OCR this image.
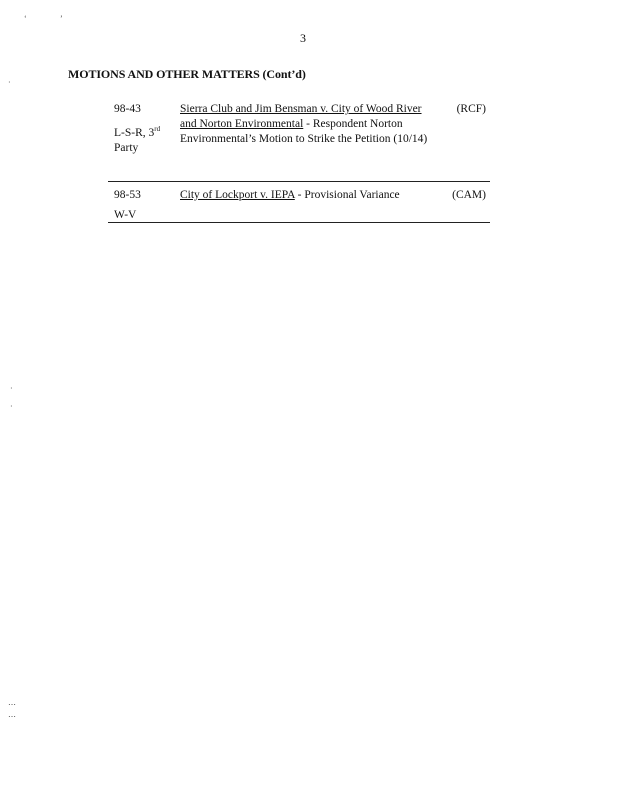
3
MOTIONS AND OTHER MATTERS (Cont’d)
98-43
L-S-R, 3rd
Party
Sierra Club and Jim Bensman v. City of Wood River and Norton Environmental - Respondent Norton Environmental’s Motion to Strike the Petition (10/14)
(RCF)
98-53
W-V
City of Lockport v. IEPA - Provisional Variance	(CAM)
‘	’
·
·
·
⋯
⋯
